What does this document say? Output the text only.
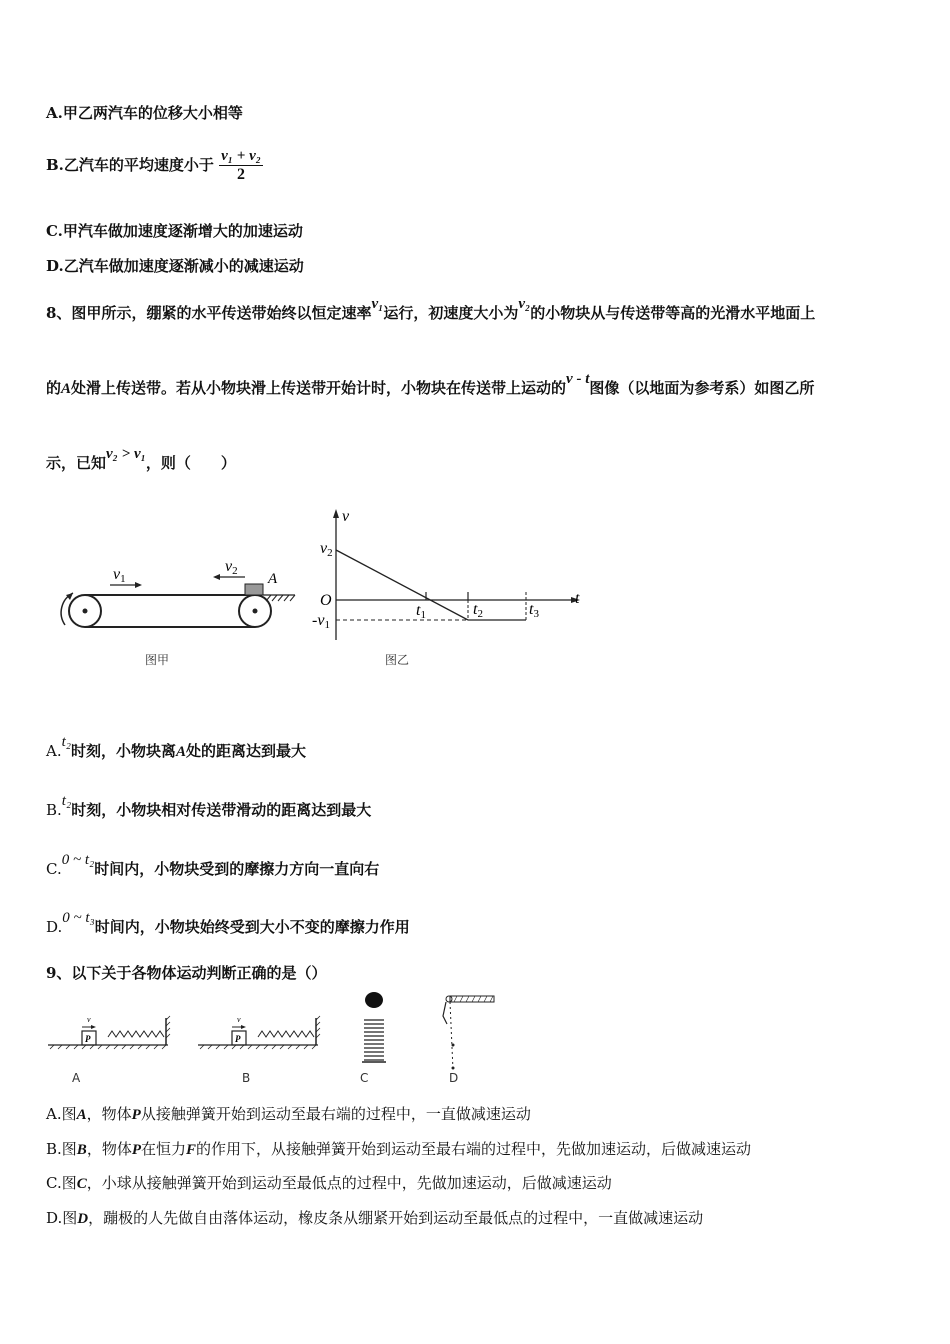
A.甲乙两汽车的位移大小相等
B.乙汽车的平均速度小于 $\frac{\text{v₁ + v₂}}{2}$
C.甲汽车做加速度逐渐增大的加速运动
D.乙汽车做加速度逐渐减小的减速运动
8、图甲所示，绷紧的水平传送带始终以恒定速率v₁运行，初速度大小为v₂的小物块从与传送带等高的光滑水平地面上
的A处滑上传送带。若从小物块滑上传送带开始计时，小物块在传送带上运动的v - t图像（以地面为参考系）如图乙所
示，已知v₂ > v₁，则（　　）
v1
v2 A
图甲
v
t
O
v2
-v1
t1	t2	t3
图乙
A.t₂时刻，小物块离A处的距离达到最大
B.t₂时刻，小物块相对传送带滑动的距离达到最大
C.0 ~ t₂时间内，小物块受到的摩擦力方向一直向右
D.0 ~ t₃时间内，小物块始终受到大小不变的摩擦力作用
9、以下关于各物体运动判断正确的是（）
P
v
P
v
A	B	C	D
A.图A，物体P从接触弹簧开始到运动至最右端的过程中，一直做减速运动
B.图B，物体P在恒力F的作用下，从接触弹簧开始到运动至最右端的过程中，先做加速运动，后做减速运动
C.图C，小球从接触弹簧开始到运动至最低点的过程中，先做加速运动，后做减速运动
D.图D，蹦极的人先做自由落体运动，橡皮条从绷紧开始到运动至最低点的过程中，一直做减速运动
